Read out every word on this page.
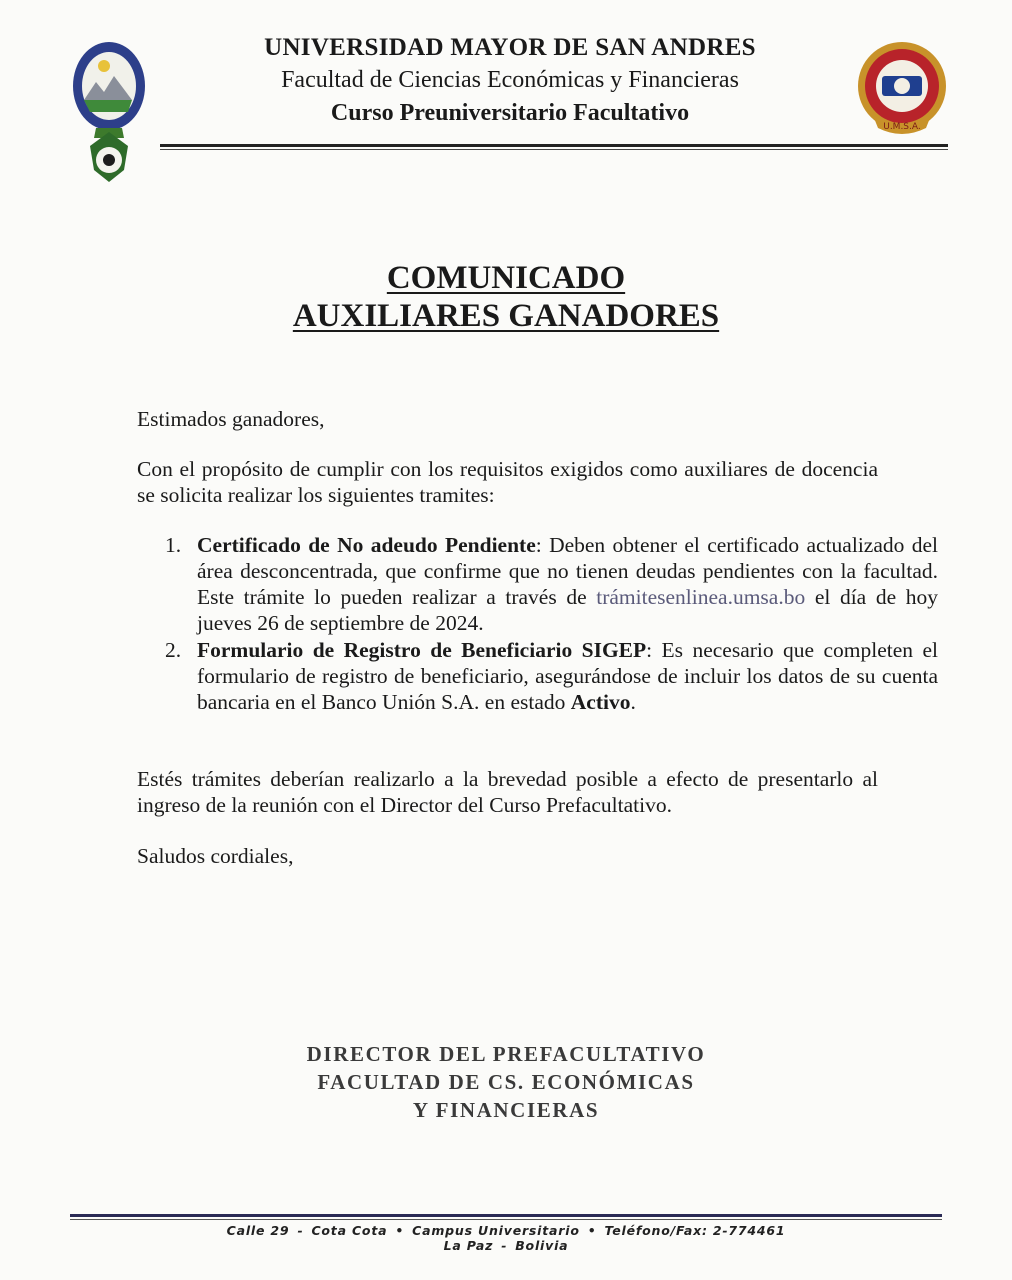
UNIVERSIDAD MAYOR DE SAN ANDRES
Facultad de Ciencias Económicas y Financieras
Curso Preuniversitario Facultativo
U.M.S.A.
COMUNICADO
AUXILIARES GANADORES
Estimados ganadores,
Con el propósito de cumplir con los requisitos exigidos como auxiliares de docencia se solicita realizar los siguientes tramites:
1. Certificado de No adeudo Pendiente: Deben obtener el certificado actualizado del área desconcentrada, que confirme que no tienen deudas pendientes con la facultad. Este trámite lo pueden realizar a través de trámitesenlinea.umsa.bo el día de hoy jueves 26 de septiembre de 2024.
2. Formulario de Registro de Beneficiario SIGEP: Es necesario que completen el formulario de registro de beneficiario, asegurándose de incluir los datos de su cuenta bancaria en el Banco Unión S.A. en estado Activo.
Estés trámites deberían realizarlo a la brevedad posible a efecto de presentarlo al ingreso de la reunión con el Director del Curso Prefacultativo.
Saludos cordiales,
DIRECTOR DEL PREFACULTATIVO
FACULTAD DE CS. ECONÓMICAS
Y FINANCIERAS
Calle 29 - Cota Cota • Campus Universitario • Teléfono/Fax: 2-774461
La Paz - Bolivia
